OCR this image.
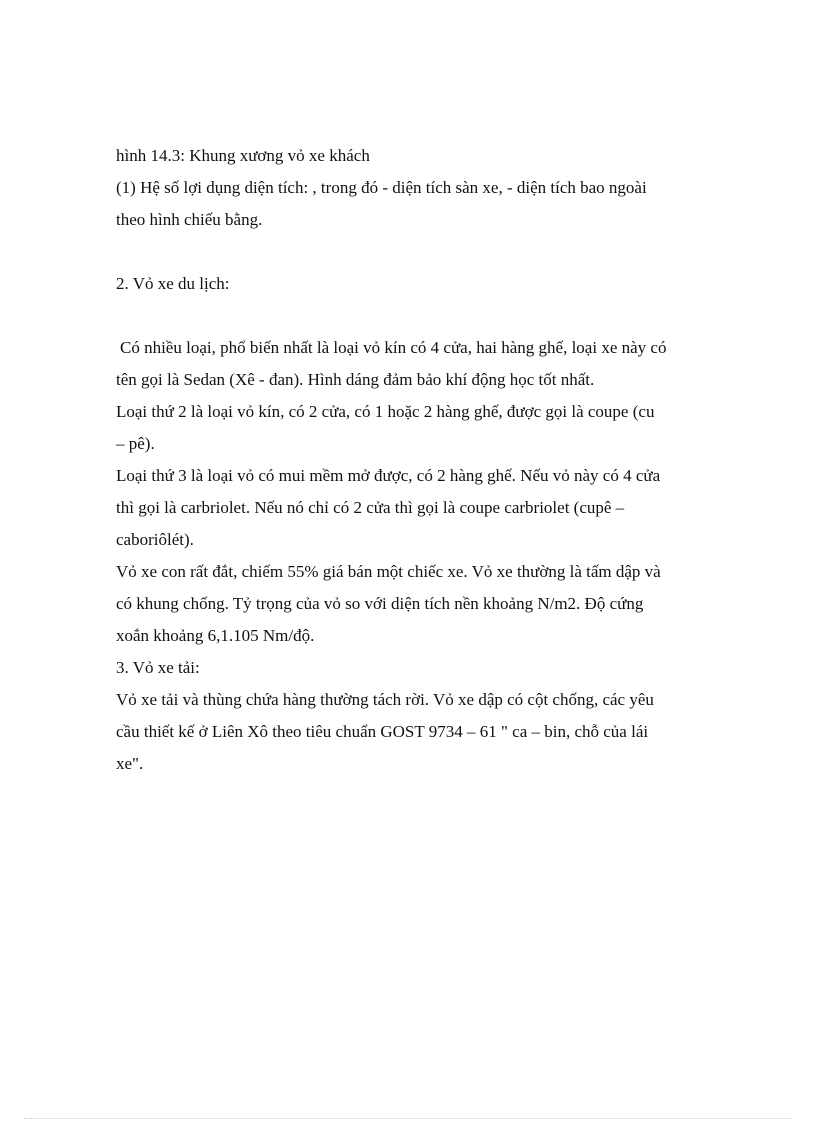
hình 14.3: Khung xương vỏ xe khách

(1) Hệ số lợi dụng diện tích: , trong đó - diện tích sàn xe, - diện tích bao ngoài

theo hình chiếu bằng.

2. Vỏ xe du lịch:

Có nhiều loại, phổ biến nhất là loại vỏ kín có 4 cửa, hai hàng ghế, loại xe này có

tên gọi là Sedan (Xê - đan). Hình dáng đảm bảo khí động học tốt nhất.

Loại thứ 2 là loại vỏ kín, có 2 cửa, có 1 hoặc 2 hàng ghế, được gọi là coupe (cu

– pê).

Loại thứ 3 là loại vỏ có mui mềm mở được, có 2 hàng ghế. Nếu vỏ này có 4 cửa

thì gọi là carbriolet. Nếu nó chỉ có 2 cửa thì gọi là coupe carbriolet (cupê –

caboriôlét).

Vỏ xe con rất đắt, chiếm 55% giá bán một chiếc xe. Vỏ xe thường là tấm dập và

có khung chống. Tỷ trọng của vỏ so với diện tích nền khoảng N/m2. Độ cứng

xoắn khoảng 6,1.105 Nm/độ.

3. Vỏ xe tải:

Vỏ xe tải và thùng chứa hàng thường tách rời. Vỏ xe dập có cột chống, các yêu

cầu thiết kế ở Liên Xô theo tiêu chuẩn GOST 9734 – 61 " ca – bin, chỗ của lái

xe".
